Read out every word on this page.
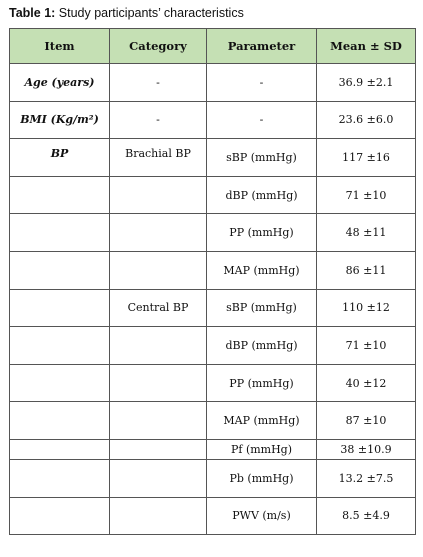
Table 1: Study participants’ characteristics
Item	Category	Parameter	Mean ± SD
Age (years)	-	-	36.9 ±2.1
BMI (Kg/m²)	-	-	23.6 ±6.0
BP	Brachial BP	sBP (mmHg)	117 ±16
		dBP (mmHg)	71 ±10
		PP (mmHg)	48 ±11
		MAP (mmHg)	86 ±11
	Central BP	sBP (mmHg)	110 ±12
		dBP (mmHg)	71 ±10
		PP (mmHg)	40 ±12
		MAP (mmHg)	87 ±10
		Pf (mmHg)	38 ±10.9
		Pb (mmHg)	13.2 ±7.5
		PWV (m/s)	8.5 ±4.9
